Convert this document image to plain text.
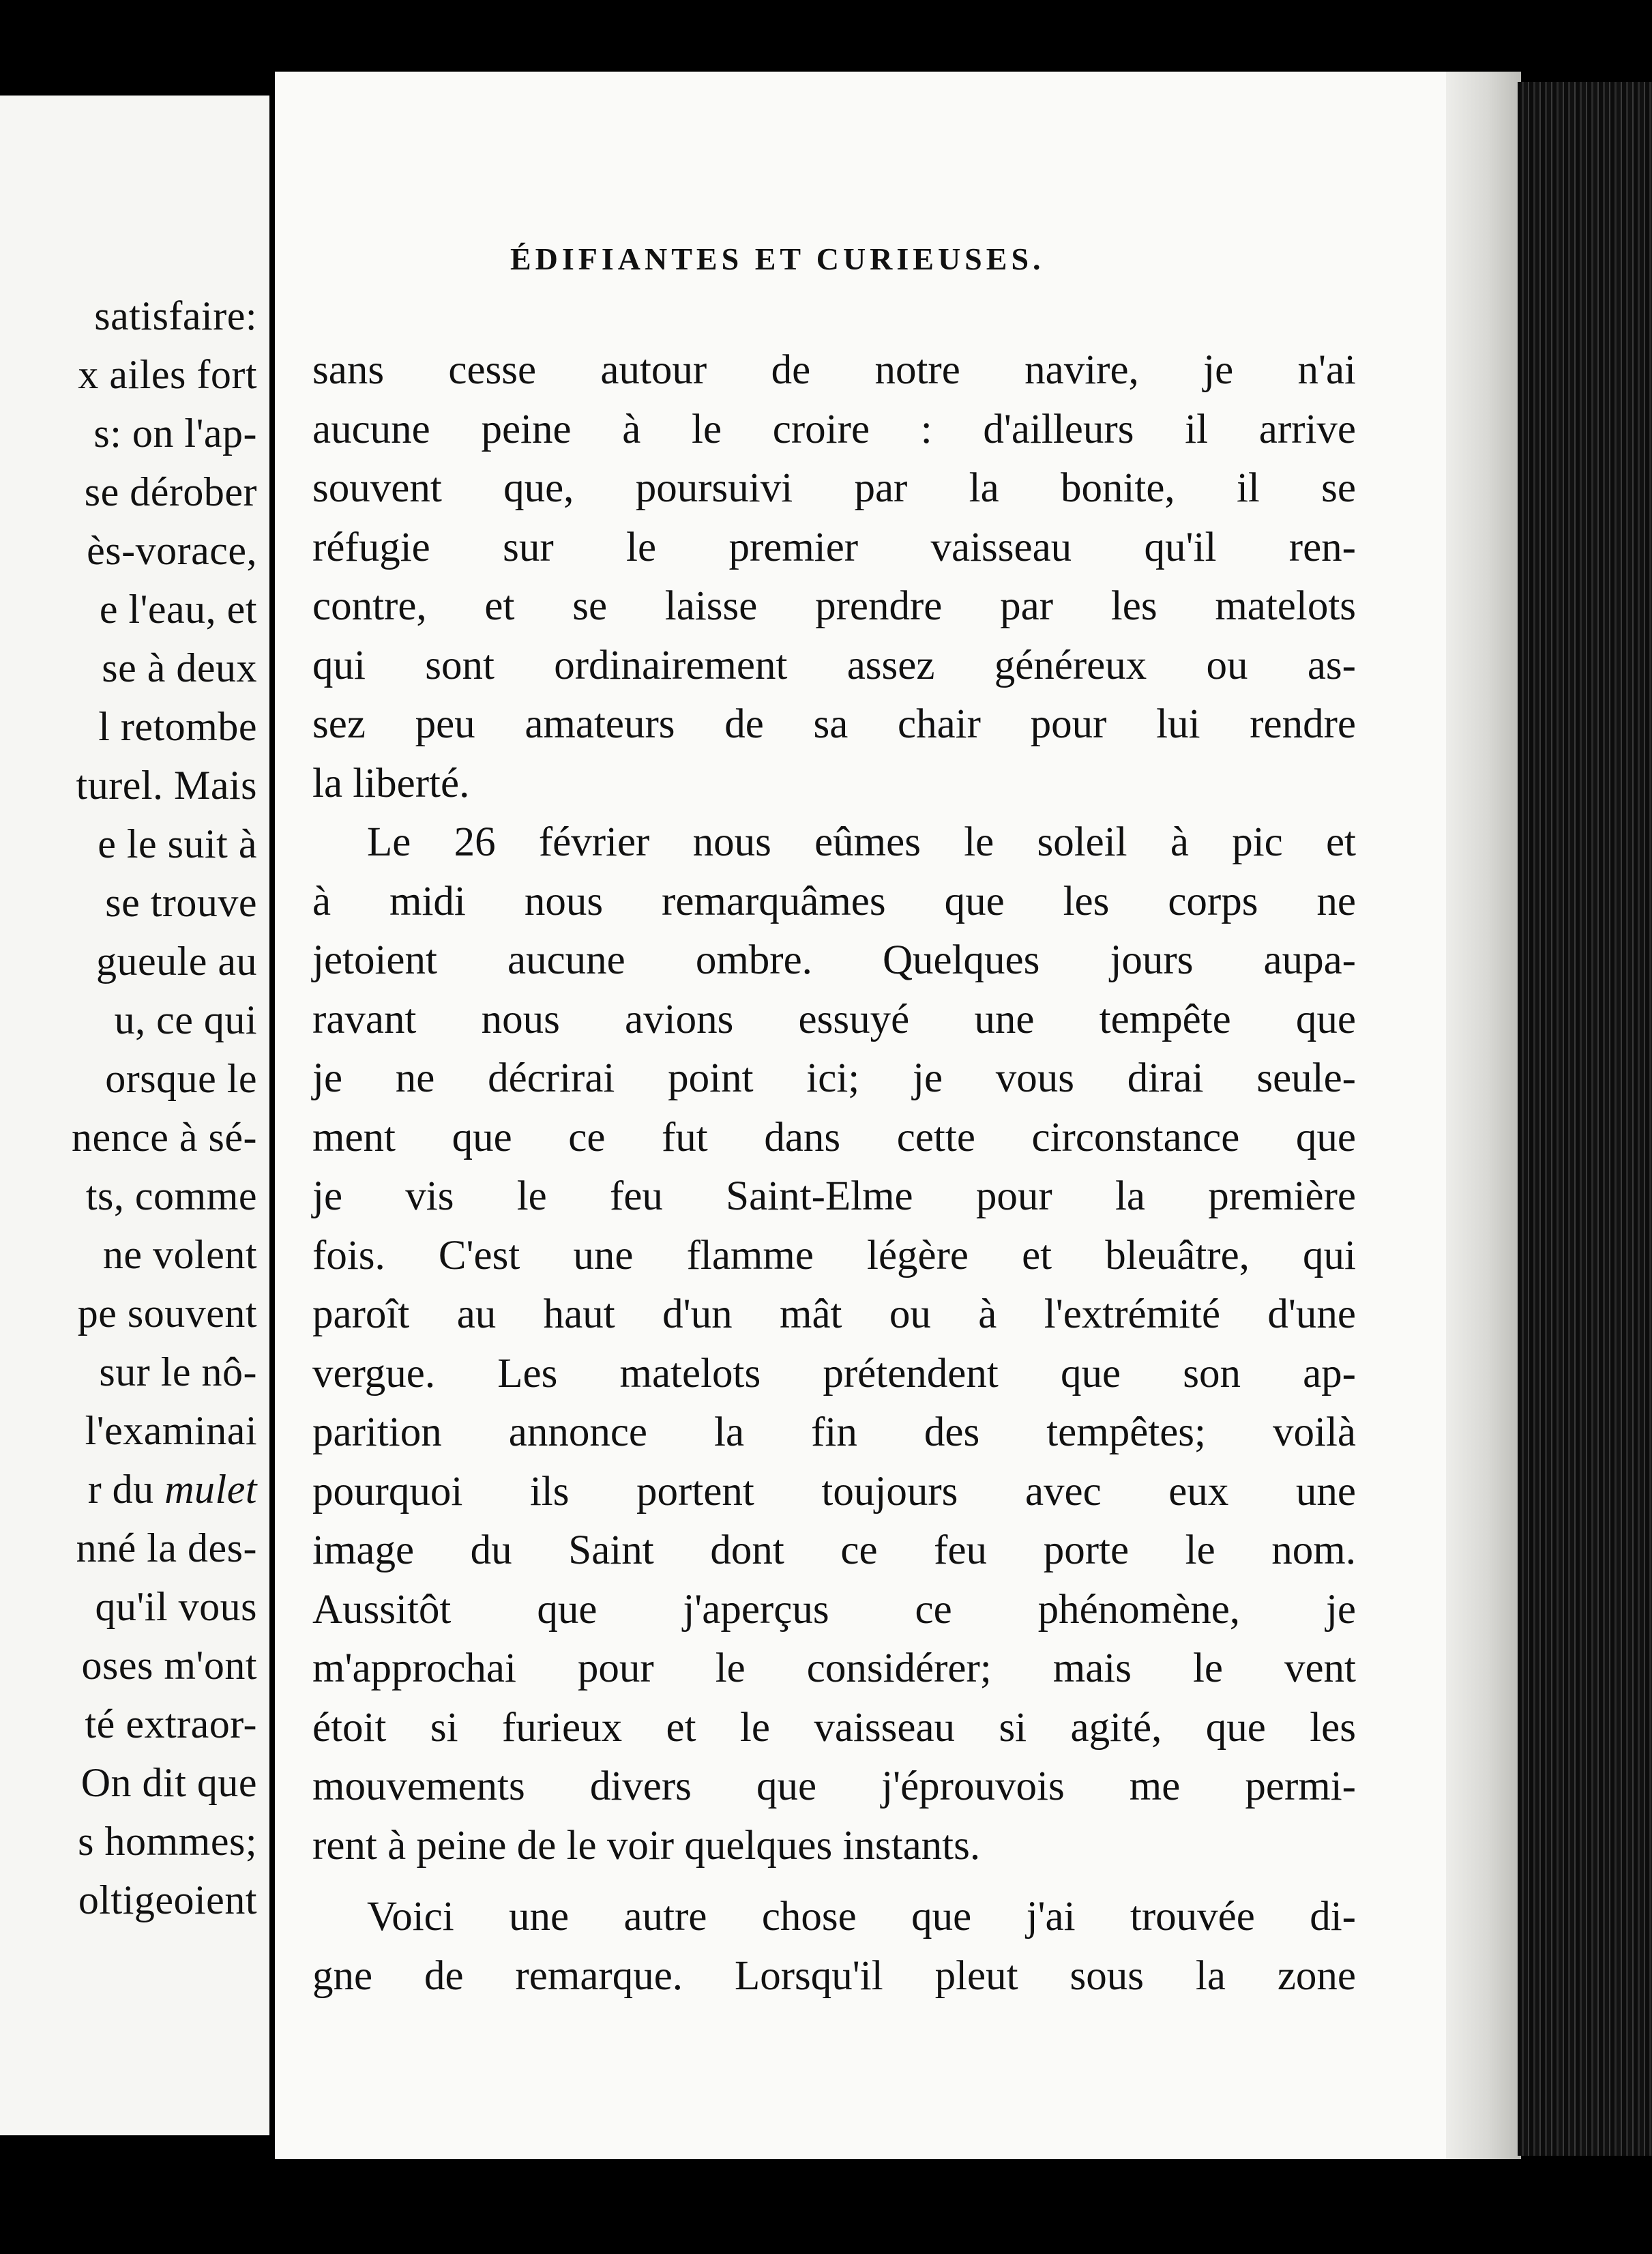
satisfaire:
x ailes fort
s: on l'ap-
se dérober
ès-vorace,
e l'eau, et
se à deux
l retombe
turel. Mais
e le suit à
se trouve
gueule au
u, ce qui
orsque le
nence à sé-
ts, comme
ne volent
pe souvent
sur le nô-
l'examinai
r du mulet
nné la des-
qu'il vous
oses m'ont
té extraor-
On dit que
s hommes;
oltigeoient
ÉDIFIANTES ET CURIEUSES.
sans cesse autour de notre navire, je n'ai
aucune peine à le croire : d'ailleurs il arrive
souvent que, poursuivi par la bonite, il se
réfugie sur le premier vaisseau qu'il ren-
contre, et se laisse prendre par les matelots
qui sont ordinairement assez généreux ou as-
sez peu amateurs de sa chair pour lui rendre
la liberté.
Le 26 février nous eûmes le soleil à pic et
à midi nous remarquâmes que les corps ne
jetoient aucune ombre. Quelques jours aupa-
ravant nous avions essuyé une tempête que
je ne décrirai point ici; je vous dirai seule-
ment que ce fut dans cette circonstance que
je vis le feu Saint-Elme pour la première
fois. C'est une flamme légère et bleuâtre, qui
paroît au haut d'un mât ou à l'extrémité d'une
vergue. Les matelots prétendent que son ap-
parition annonce la fin des tempêtes; voilà
pourquoi ils portent toujours avec eux une
image du Saint dont ce feu porte le nom.
Aussitôt que j'aperçus ce phénomène, je
m'approchai pour le considérer; mais le vent
étoit si furieux et le vaisseau si agité, que les
mouvements divers que j'éprouvois me permi-
rent à peine de le voir quelques instants.
Voici une autre chose que j'ai trouvée di-
gne de remarque. Lorsqu'il pleut sous la zone
